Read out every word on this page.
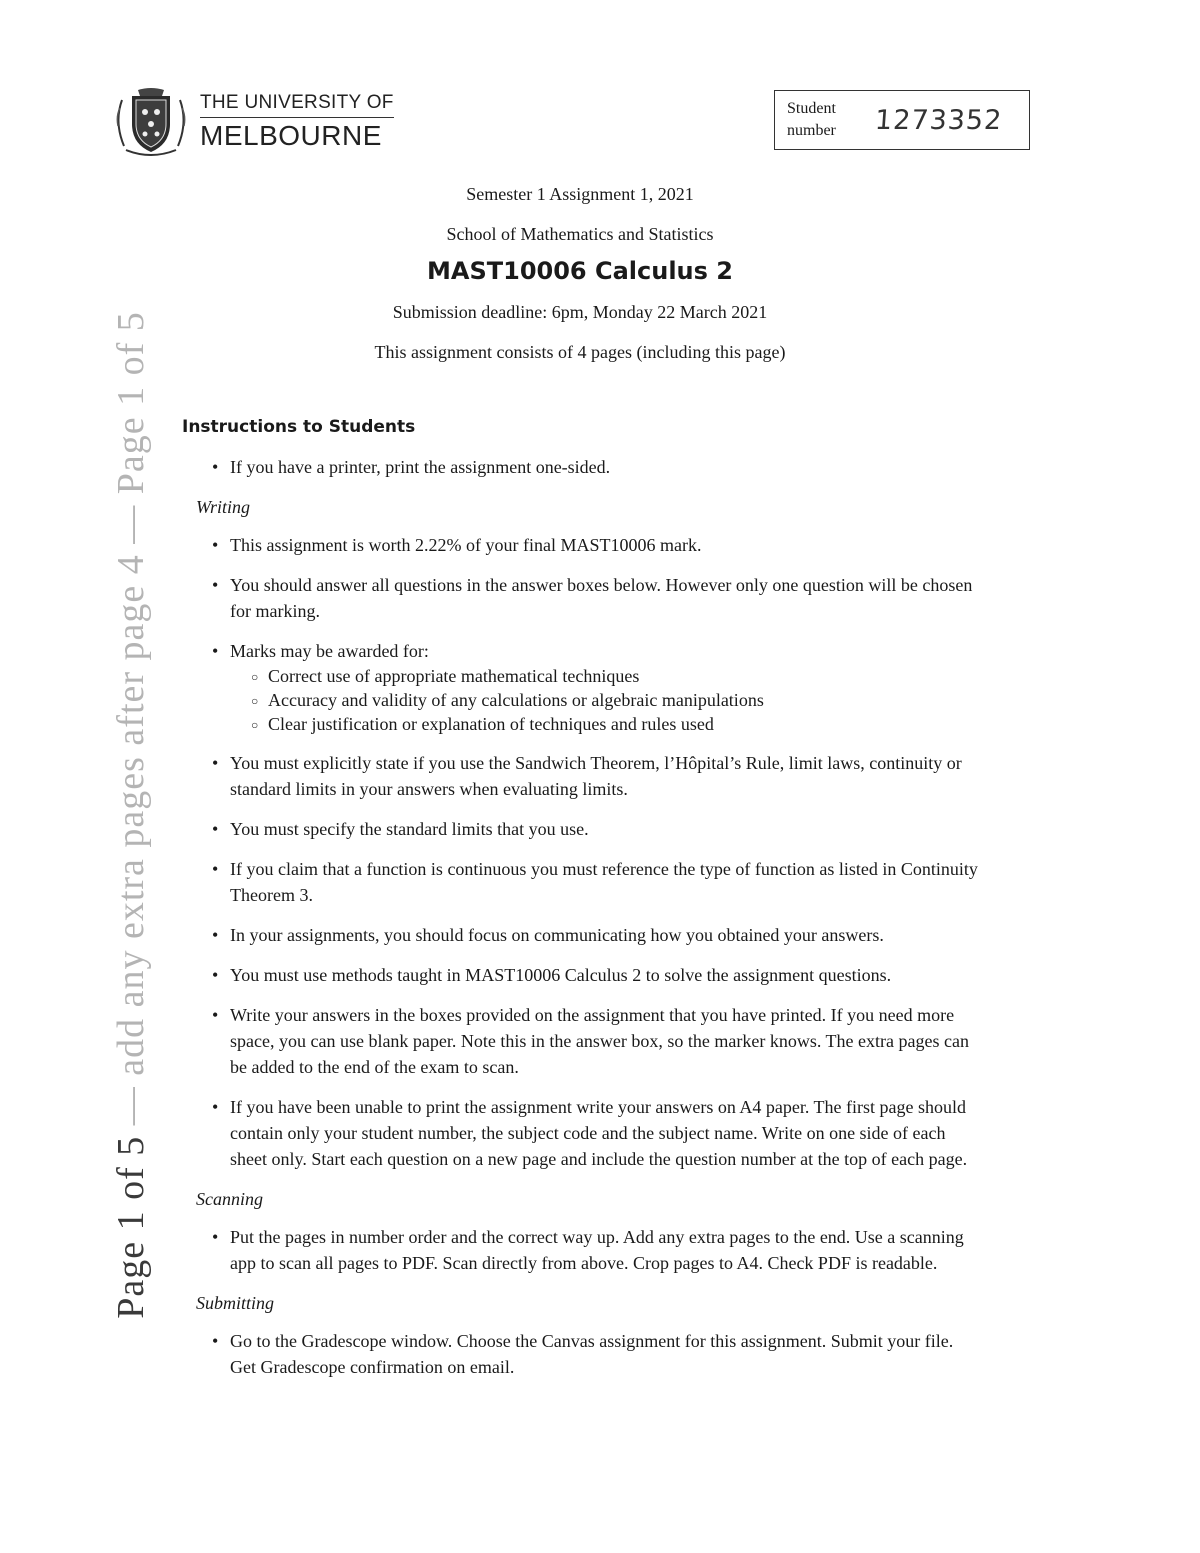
THE UNIVERSITY OF
MELBOURNE
Student
number	1273352
Semester 1 Assignment 1, 2021
School of Mathematics and Statistics
MAST10006 Calculus 2
Submission deadline: 6pm, Monday 22 March 2021
This assignment consists of 4 pages (including this page)
Page 1 of 5 — add any extra pages after page 4 — Page 1 of 5 Instructions to Students
• If you have a printer, print the assignment one-sided.
Writing
• This assignment is worth 2.22% of your final MAST10006 mark.
• You should answer all questions in the answer boxes below. However only one question will be chosen for marking.
• Marks may be awarded for:
○ Correct use of appropriate mathematical techniques
○ Accuracy and validity of any calculations or algebraic manipulations
○ Clear justification or explanation of techniques and rules used
• You must explicitly state if you use the Sandwich Theorem, l’Hôpital’s Rule, limit laws, continuity or standard limits in your answers when evaluating limits.
• You must specify the standard limits that you use.
• If you claim that a function is continuous you must reference the type of function as listed in Continuity Theorem 3.
• In your assignments, you should focus on communicating how you obtained your answers.
• You must use methods taught in MAST10006 Calculus 2 to solve the assignment questions.
• Write your answers in the boxes provided on the assignment that you have printed. If you need more space, you can use blank paper. Note this in the answer box, so the marker knows. The extra pages can be added to the end of the exam to scan.
• If you have been unable to print the assignment write your answers on A4 paper. The first page should contain only your student number, the subject code and the subject name. Write on one side of each sheet only. Start each question on a new page and include the question number at the top of each page.
Scanning
• Put the pages in number order and the correct way up. Add any extra pages to the end. Use a scanning app to scan all pages to PDF. Scan directly from above. Crop pages to A4. Check PDF is readable.
Submitting
• Go to the Gradescope window. Choose the Canvas assignment for this assignment. Submit your file. Get Gradescope confirmation on email.
